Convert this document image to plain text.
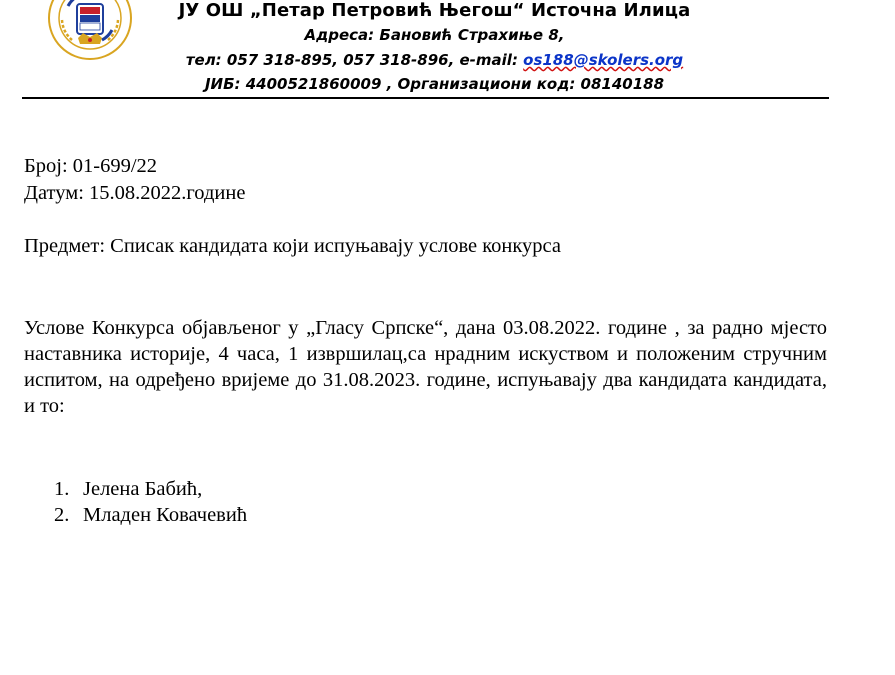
ЈУ ОШ „Петар Петровић Његош“ Источна Илица
Адреса: Бановић Страхиње 8,
тел: 057 318-895, 057 318-896, e-mail: os188@skolers.org
ЈИБ: 4400521860009 , Организациони код: 08140188
Број: 01-699/22
Датум: 15.08.2022.године
Предмет: Списак кандидата који испуњавају услове конкурса
Услове Конкурса објављеног у „Гласу Српске“, дана 03.08.2022. године , за радно мјесто наставника историје, 4 часа, 1 извршилац,са нрадним искуством и положеним стручним испитом, на одређено вријеме до 31.08.2023. године, испуњавају два кандидата кандидата, и то:
1. Јелена Бабић,
2. Младен Ковачевић
